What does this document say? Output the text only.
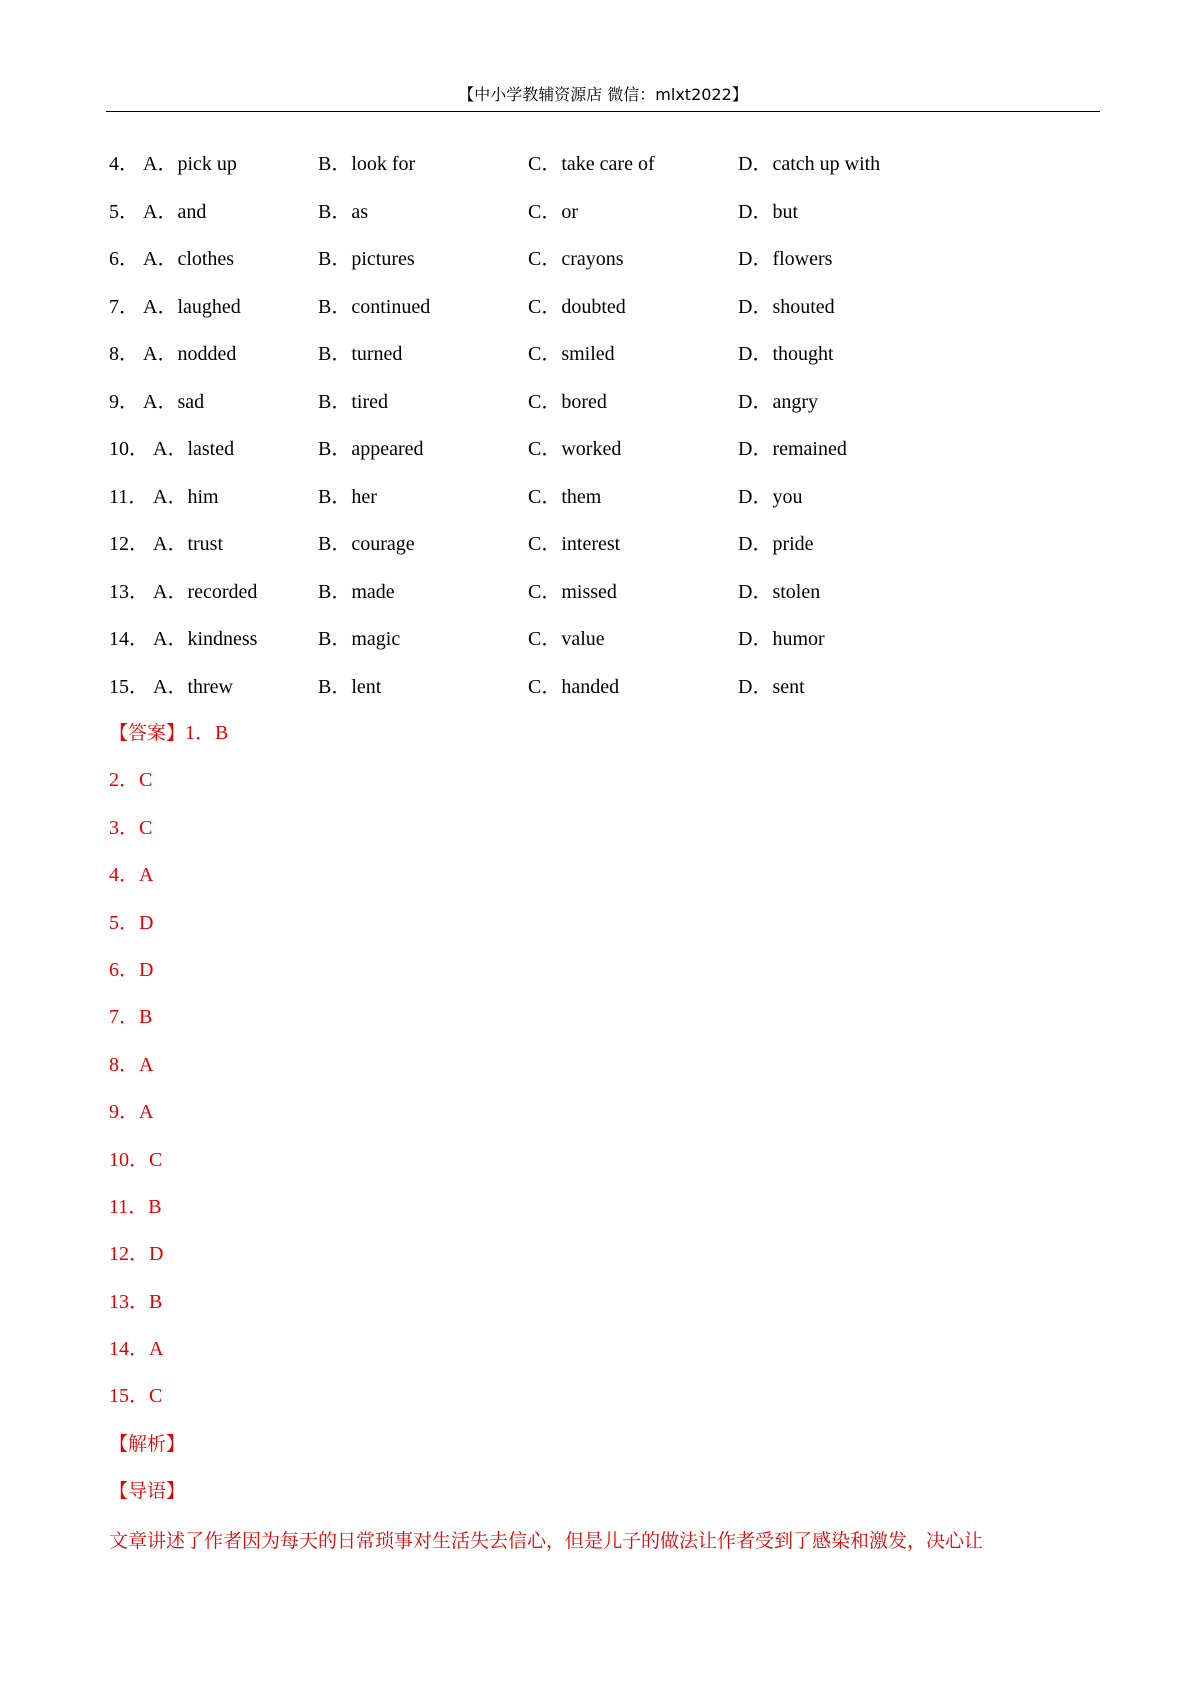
【中小学教辅资源店 微信：mlxt2022】
4． A．pick up	B．look for	C．take care of	D．catch up with
5． A．and	B．as	C．or	D．but
6． A．clothes	B．pictures	C．crayons	D．flowers
7． A．laughed	B．continued	C．doubted	D．shouted
8． A．nodded	B．turned	C．smiled	D．thought
9． A．sad	B．tired	C．bored	D．angry
10． A．lasted	B．appeared	C．worked	D．remained
11． A．him	B．her	C．them	D．you
12． A．trust	B．courage	C．interest	D．pride
13． A．recorded	B．made	C．missed	D．stolen
14． A．kindness	B．magic	C．value	D．humor
15． A．threw	B．lent	C．handed	D．sent
【答案】1．B
2．C
3．C
4．A
5．D
6．D
7．B
8．A
9．A
10．C
11．B
12．D
13．B
14．A
15．C
【解析】
【导语】
文章讲述了作者因为每天的日常琐事对生活失去信心，但是儿子的做法让作者受到了感染和激发，决心让
